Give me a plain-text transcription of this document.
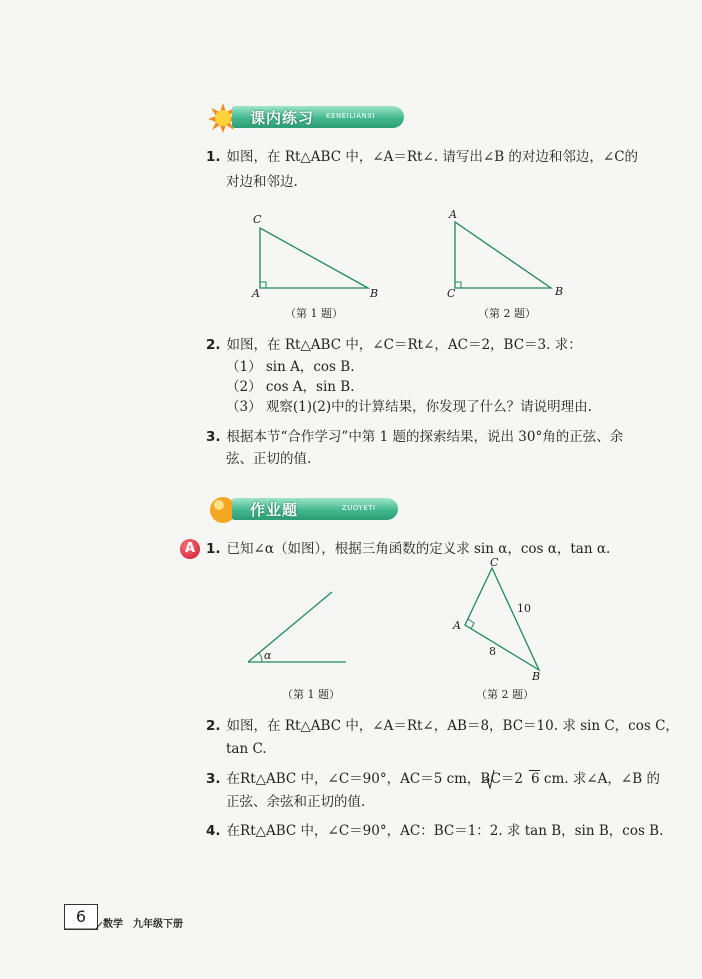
课内练习 KENEILIANXI
1. 如图，在 Rt△ABC 中，∠A＝Rt∠. 请写出∠B 的对边和邻边，∠C的
对边和邻边.
C
A	B
（第 1 题）
A
C	B
（第 2 题）
2. 如图，在 Rt△ABC 中，∠C＝Rt∠，AC＝2，BC＝3. 求：
（1） sin A，cos B.
（2） cos A，sin B.
（3） 观察(1)(2)中的计算结果，你发现了什么？请说明理由.
3. 根据本节“合作学习”中第 1 题的探索结果，说出 30°角的正弦、余
弦、正切的值.
作业题	ZUOYETI
A 1. 已知∠α（如图），根据三角函数的定义求 sin α，cos α，tan α.
α
（第 1 题）
C
A
B
10
8
（第 2 题）
2. 如图，在 Rt△ABC 中，∠A＝Rt∠，AB＝8，BC＝10. 求 sin C，cos C，
tan C.
3. 在Rt△ABC 中，∠C＝90°，AC＝5 cm，BC＝2 6 cm. 求∠A，∠B 的
正弦、余弦和正切的值.
4. 在Rt△ABC 中，∠C＝90°，AC：BC＝1：2. 求 tan B，sin B，cos B.
6	数学　九年级下册
